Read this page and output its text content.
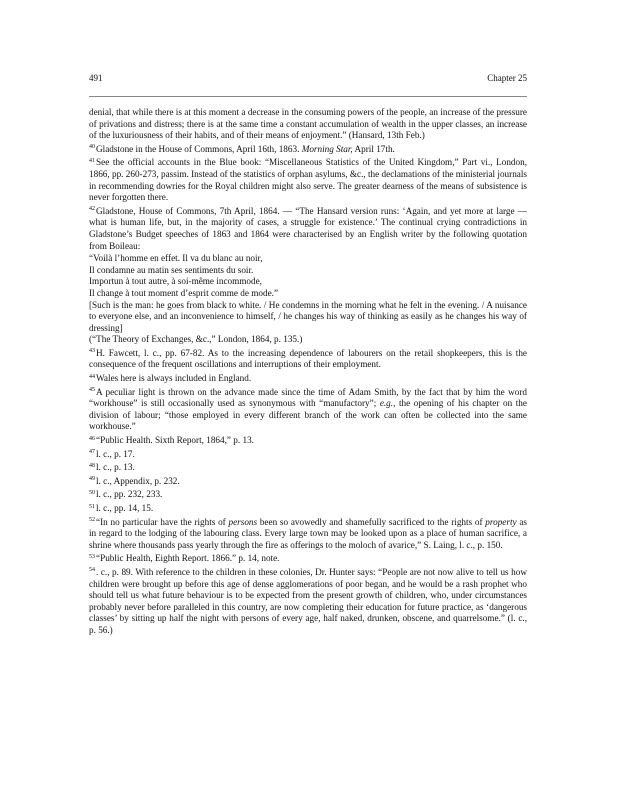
491	Chapter 25

denial, that while there is at this moment a decrease in the consuming powers of the people, an increase of the pressure of privations and distress; there is at the same time a constant accumulation of wealth in the upper classes, an increase of the luxuriousness of their habits, and of their means of enjoyment.” (Hansard, 13th Feb.)

$^{40}$Gladstone in the House of Commons, April 16th, 1863. Morning Star, April 17th.

$^{41}$See the official accounts in the Blue book: “Miscellaneous Statistics of the United Kingdom,” Part vi., London, 1866, pp. 260-273, passim. Instead of the statistics of orphan asylums, &c., the declamations of the ministerial journals in recommending dowries for the Royal children might also serve. The greater dearness of the means of subsistence is never forgotten there.

$^{42}$Gladstone, House of Commons, 7th April, 1864. — “The Hansard version runs: ‘Again, and yet more at large — what is human life, but, in the majority of cases, a struggle for existence.’ The continual crying contradictions in Gladstone’s Budget speeches of 1863 and 1864 were characterised by an English writer by the following quotation from Boileau:
“Voilà l’homme en effet. Il va du blanc au noir,
Il condamne au matin ses sentiments du soir.
Importun à tout autre, à soi-même incommode,
Il change à tout moment d’esprit comme de mode.”
[Such is the man: he goes from black to white. / He condemns in the morning what he felt in the evening. / A nuisance to everyone else, and an inconvenience to himself, / he changes his way of thinking as easily as he changes his way of dressing]
(“The Theory of Exchanges, &c.,” London, 1864, p. 135.)

$^{43}$H. Fawcett, l. c., pp. 67-82. As to the increasing dependence of labourers on the retail shopkeepers, this is the consequence of the frequent oscillations and interruptions of their employment.

$^{44}$Wales here is always included in England.

$^{45}$A peculiar light is thrown on the advance made since the time of Adam Smith, by the fact that by him the word “workhouse” is still occasionally used as synonymous with “manufactory”; e.g., the opening of his chapter on the division of labour; “those employed in every different branch of the work can often be collected into the same workhouse.”

$^{46}$“Public Health. Sixth Report, 1864,” p. 13.

$^{47}$l. c., p. 17.

$^{48}$l. c., p. 13.

$^{49}$l. c., Appendix, p. 232.

$^{50}$l. c., pp. 232, 233.

$^{51}$l. c., pp. 14, 15.

$^{52}$“In no particular have the rights of persons been so avowedly and shamefully sacrificed to the rights of property as in regard to the lodging of the labouring class. Every large town may be looked upon as a place of human sacrifice, a shrine where thousands pass yearly through the fire as offerings to the moloch of avarice,” S. Laing, l. c., p. 150.

$^{53}$“Public Health, Eighth Report. 1866.” p. 14, note.

$^{54}$. c., p. 89. With reference to the children in these colonies, Dr. Hunter says: “People are not now alive to tell us how children were brought up before this age of dense agglomerations of poor began, and he would be a rash prophet who should tell us what future behaviour is to be expected from the present growth of children, who, under circumstances probably never before paralleled in this country, are now completing their education for future practice, as ‘dangerous classes’ by sitting up half the night with persons of every age, half naked, drunken, obscene, and quarrelsome.” (l. c., p. 56.)
